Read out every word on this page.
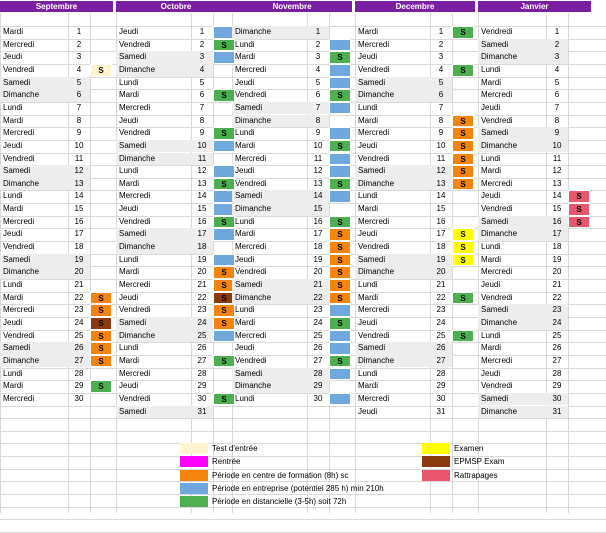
Septembre	Octobre	Novembre	Decembre	Janvier
Mardi	1
Mercredi	2
Jeudi	3
Vendredi	4	S
Samedi	5
Dimanche	6
Lundi	7
Mardi	8
Mercredi	9
Jeudi	10
Vendredi	11
Samedi	12
Dimanche	13
Lundi	14
Mardi	15
Mercredi	16
Jeudi	17
Vendredi	18
Samedi	19
Dimanche	20
Lundi	21
Mardi	22	S
Mercredi	23	S
Jeudi	24	S
Vendredi	25	S
Samedi	26	S
Dimanche	27	S
Lundi	28
Mardi	29	S
Mercredi	30
Jeudi	1
Vendredi	2	S
Samedi	3
Dimanche	4
Lundi	5
Mardi	6	S
Mercredi	7
Jeudi	8
Vendredi	9	S
Samedi	10
Dimanche	11
Lundi	12
Mardi	13	S
Mercredi	14
Jeudi	15
Vendredi	16	S
Samedi	17
Dimanche	18
Lundi	19
Mardi	20	S
Mercredi	21	S
Jeudi	22	S
Vendredi	23	S
Samedi	24	S
Dimanche	25
Lundi	26
Mardi	27	S
Mercredi	28
Jeudi	29
Vendredi	30	S
Samedi	31
Dimanche	1
Lundi	2
Mardi	3	S
Mercredi	4
Jeudi	5
Vendredi	6	S
Samedi	7
Dimanche	8
Lundi	9
Mardi	10	S
Mercredi	11
Jeudi	12
Vendredi	13	S
Samedi	14
Dimanche	15
Lundi	16	S
Mardi	17	S
Mercredi	18	S
Jeudi	19	S
Vendredi	20	S
Samedi	21	S
Dimanche	22	S
Lundi	23
Mardi	24	S
Mercredi	25
Jeudi	26
Vendredi	27	S
Samedi	28
Dimanche	29
Lundi	30
Mardi	1	S
Mercredi	2
Jeudi	3
Vendredi	4	S
Samedi	5
Dimanche	6
Lundi	7
Mardi	8	S
Mercredi	9	S
Jeudi	10	S
Vendredi	11	S
Samedi	12	S
Dimanche	13	S
Lundi	14
Mardi	15
Mercredi	16
Jeudi	17	S
Vendredi	18	S
Samedi	19	S
Dimanche	20
Lundi	21
Mardi	22	S
Mercredi	23
Jeudi	24
Vendredi	25	S
Samedi	26
Dimanche	27
Lundi	28
Mardi	29
Mercredi	30
Jeudi	31
Vendredi	1
Samedi	2
Dimanche	3
Lundi	4
Mardi	5
Mercredi	6
Jeudi	7
Vendredi	8
Samedi	9
Dimanche	10
Lundi	11
Mardi	12
Mercredi	13
Jeudi	14	S
Vendredi	15	S
Samedi	16	S
Dimanche	17
Lundi	18
Mardi	19
Mercredi	20
Jeudi	21
Vendredi	22
Samedi	23
Dimanche	24
Lundi	25
Mardi	26
Mercredi	27
Jeudi	28
Vendredi	29
Samedi	30
Dimanche	31
Test d'entrée
Rentrée
Période en centre de formation (8h) sc
Période en entreprise (potentiel 285 h) min 210h
Période en distancielle (3-5h) soit 72h
Examen
EPMSP Exam
Rattrapages
